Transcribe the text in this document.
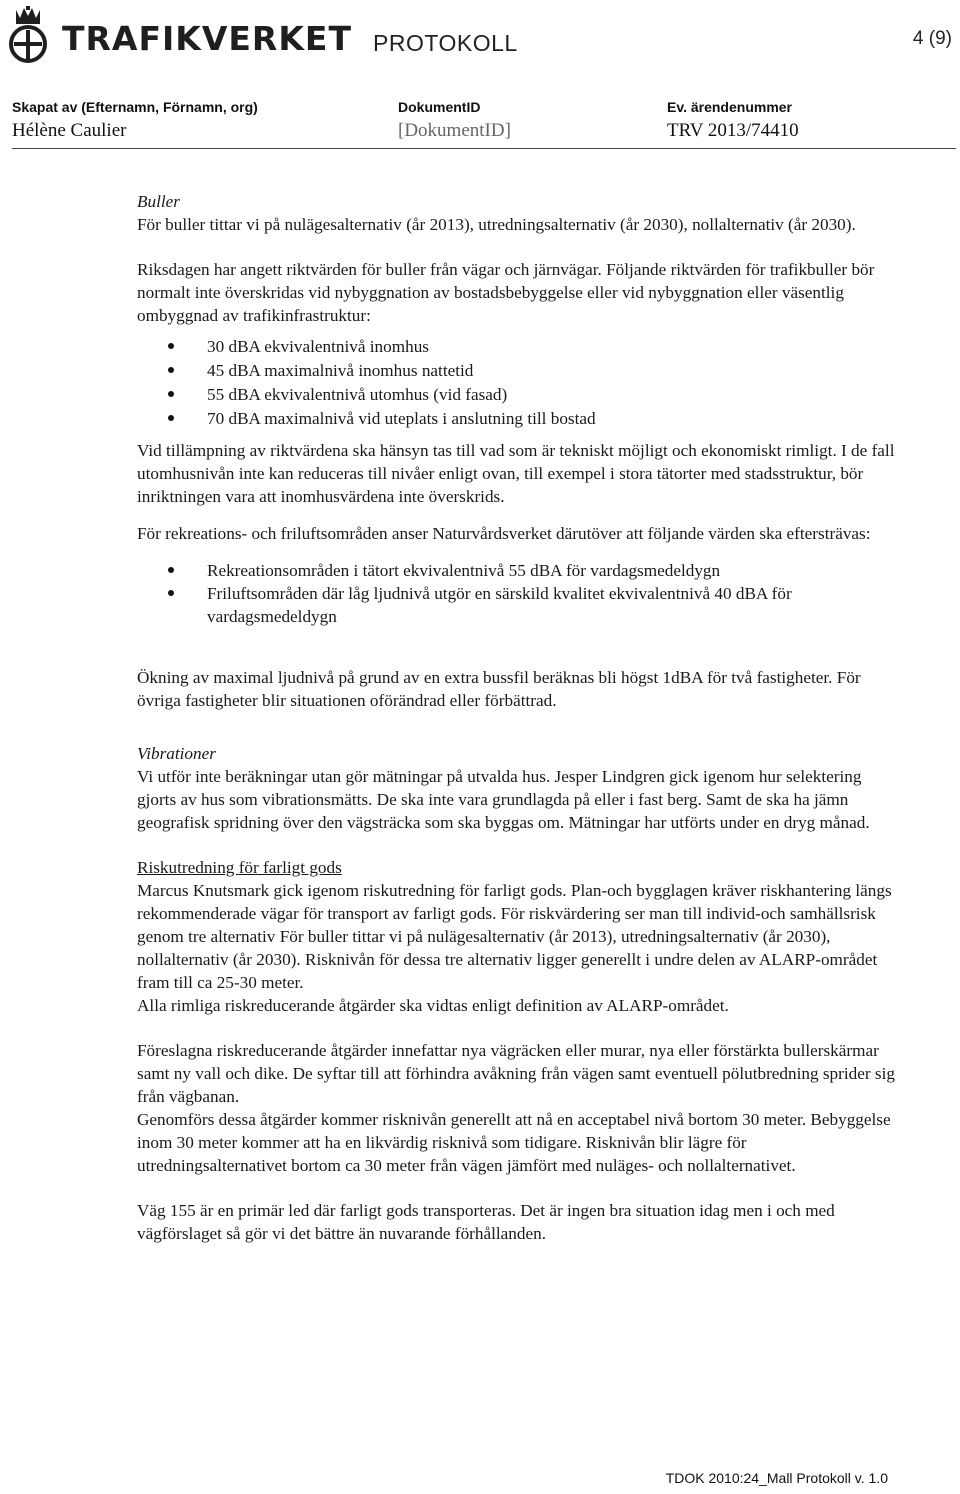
TRAFIKVERKET PROTOKOLL	4 (9)
Skapat av (Efternamn, Förnamn, org)
Hélène Caulier
DokumentID
[DokumentID]
Ev. ärendenummer
TRV 2013/74410

Buller

För buller tittar vi på nulägesalternativ (år 2013), utredningsalternativ (år 2030), nollalternativ (år 2030).

Riksdagen har angett riktvärden för buller från vägar och järnvägar. Följande riktvärden för trafikbuller bör normalt inte överskridas vid nybyggnation av bostadsbebyggelse eller vid nybyggnation eller väsentlig ombyggnad av trafikinfrastruktur:

30 dBA ekvivalentnivå inomhus
45 dBA maximalnivå inomhus nattetid
55 dBA ekvivalentnivå utomhus (vid fasad)
70 dBA maximalnivå vid uteplats i anslutning till bostad

Vid tillämpning av riktvärdena ska hänsyn tas till vad som är tekniskt möjligt och ekonomiskt rimligt. I de fall utomhusnivån inte kan reduceras till nivåer enligt ovan, till exempel i stora tätorter med stadsstruktur, bör inriktningen vara att inomhusvärdena inte överskrids.

För rekreations- och friluftsområden anser Naturvårdsverket därutöver att följande värden ska eftersträvas:

Rekreationsområden i tätort ekvivalentnivå 55 dBA för vardagsmedeldygn
Friluftsområden där låg ljudnivå utgör en särskild kvalitet ekvivalentnivå 40 dBA för vardagsmedeldygn

Ökning av maximal ljudnivå på grund av en extra bussfil beräknas bli högst 1dBA för två fastigheter. För övriga fastigheter blir situationen oförändrad eller förbättrad.

Vibrationer

Vi utför inte beräkningar utan gör mätningar på utvalda hus. Jesper Lindgren gick igenom hur selektering gjorts av hus som vibrationsmätts. De ska inte vara grundlagda på eller i fast berg. Samt de ska ha jämn geografisk spridning över den vägsträcka som ska byggas om. Mätningar har utförts under en dryg månad.

Riskutredning för farligt gods

Marcus Knutsmark gick igenom riskutredning för farligt gods. Plan-och bygglagen kräver riskhantering längs rekommenderade vägar för transport av farligt gods. För riskvärdering ser man till individ-och samhällsrisk genom tre alternativ För buller tittar vi på nulägesalternativ (år 2013), utredningsalternativ (år 2030), nollalternativ (år 2030). Risknivån för dessa tre alternativ ligger generellt i undre delen av ALARP-området fram till ca 25-30 meter.

Alla rimliga riskreducerande åtgärder ska vidtas enligt definition av ALARP-området.

Föreslagna riskreducerande åtgärder innefattar nya vägräcken eller murar, nya eller förstärkta bullerskärmar samt ny vall och dike. De syftar till att förhindra avåkning från vägen samt eventuell pölutbredning sprider sig från vägbanan.

Genomförs dessa åtgärder kommer risknivån generellt att nå en acceptabel nivå bortom 30 meter. Bebyggelse inom 30 meter kommer att ha en likvärdig risknivå som tidigare. Risknivån blir lägre för utredningsalternativet bortom ca 30 meter från vägen jämfört med nuläges- och nollalternativet.

Väg 155 är en primär led där farligt gods transporteras. Det är ingen bra situation idag men i och med vägförslaget så gör vi det bättre än nuvarande förhållanden.

TDOK 2010:24_Mall Protokoll v. 1.0
